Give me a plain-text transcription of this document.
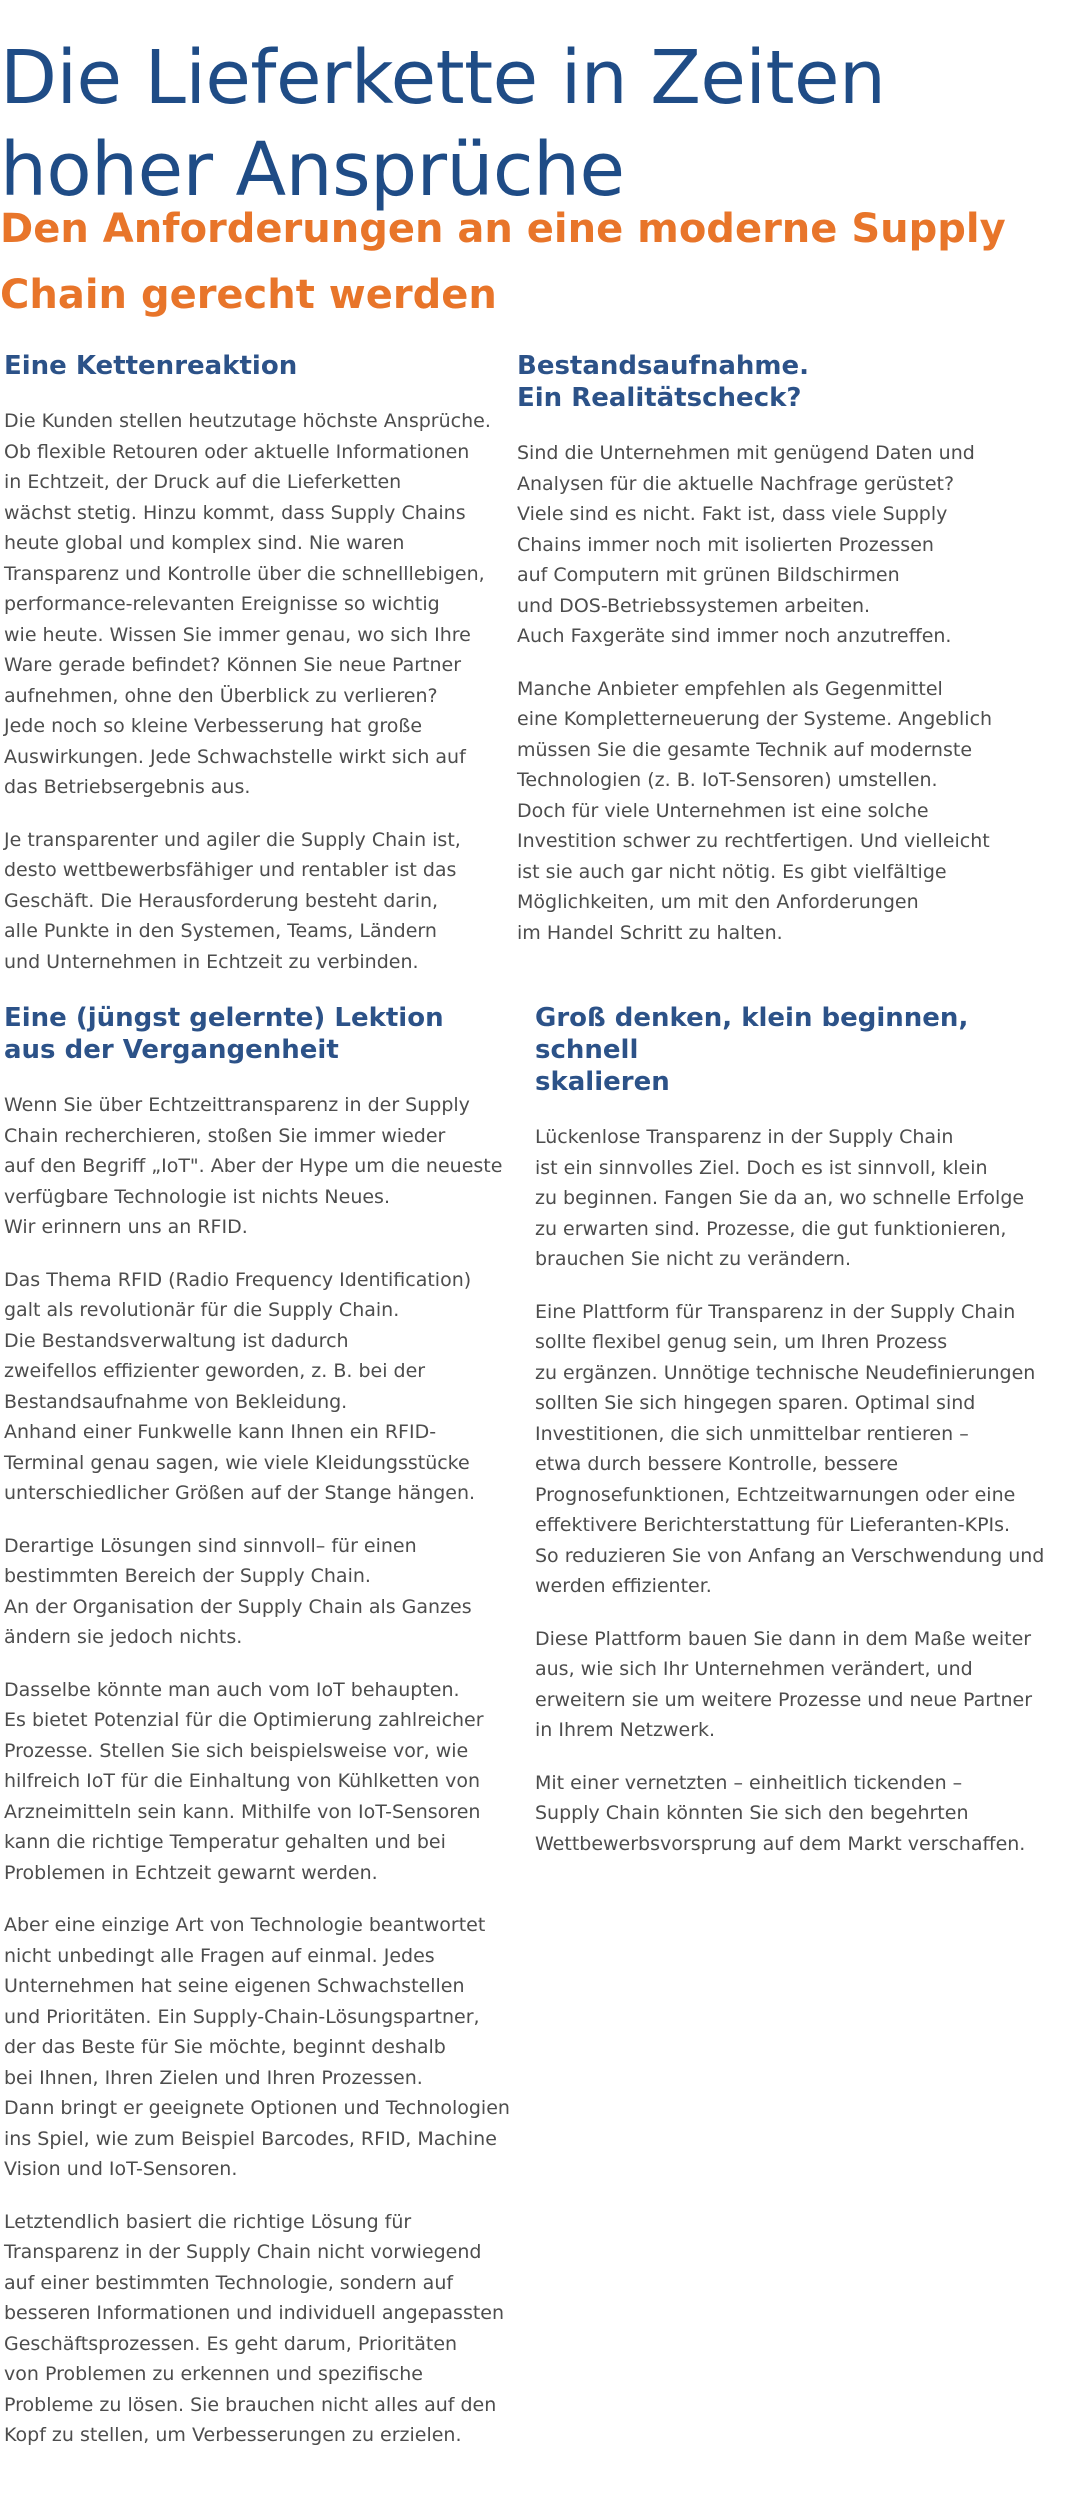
Die Lieferkette in Zeiten
hoher Ansprüche
Den Anforderungen an eine moderne Supply
Chain gerecht werden
Eine Kettenreaktion

Die Kunden stellen heutzutage höchste Ansprüche.
Ob flexible Retouren oder aktuelle Informationen
in Echtzeit, der Druck auf die Lieferketten
wächst stetig. Hinzu kommt, dass Supply Chains
heute global und komplex sind. Nie waren
Transparenz und Kontrolle über die schnelllebigen,
performance-relevanten Ereignisse so wichtig
wie heute. Wissen Sie immer genau, wo sich Ihre
Ware gerade befindet? Können Sie neue Partner
aufnehmen, ohne den Überblick zu verlieren?
Jede noch so kleine Verbesserung hat große
Auswirkungen. Jede Schwachstelle wirkt sich auf
das Betriebsergebnis aus.

Je transparenter und agiler die Supply Chain ist,
desto wettbewerbsfähiger und rentabler ist das
Geschäft. Die Herausforderung besteht darin,
alle Punkte in den Systemen, Teams, Ländern
und Unternehmen in Echtzeit zu verbinden.

Bestandsaufnahme.
Ein Realitätscheck?

Sind die Unternehmen mit genügend Daten und
Analysen für die aktuelle Nachfrage gerüstet?
Viele sind es nicht. Fakt ist, dass viele Supply
Chains immer noch mit isolierten Prozessen
auf Computern mit grünen Bildschirmen
und DOS-Betriebssystemen arbeiten.
Auch Faxgeräte sind immer noch anzutreffen.

Manche Anbieter empfehlen als Gegenmittel
eine Kompletterneuerung der Systeme. Angeblich
müssen Sie die gesamte Technik auf modernste
Technologien (z. B. IoT-Sensoren) umstellen.
Doch für viele Unternehmen ist eine solche
Investition schwer zu rechtfertigen. Und vielleicht
ist sie auch gar nicht nötig. Es gibt vielfältige
Möglichkeiten, um mit den Anforderungen
im Handel Schritt zu halten.

Eine (jüngst gelernte) Lektion
aus der Vergangenheit

Wenn Sie über Echtzeittransparenz in der Supply
Chain recherchieren, stoßen Sie immer wieder
auf den Begriff „IoT". Aber der Hype um die neueste
verfügbare Technologie ist nichts Neues.
Wir erinnern uns an RFID.

Das Thema RFID (Radio Frequency Identification)
galt als revolutionär für die Supply Chain.
Die Bestandsverwaltung ist dadurch
zweifellos effizienter geworden, z. B. bei der
Bestandsaufnahme von Bekleidung.
Anhand einer Funkwelle kann Ihnen ein RFID-
Terminal genau sagen, wie viele Kleidungsstücke
unterschiedlicher Größen auf der Stange hängen.

Derartige Lösungen sind sinnvoll– für einen
bestimmten Bereich der Supply Chain.
An der Organisation der Supply Chain als Ganzes
ändern sie jedoch nichts.

Dasselbe könnte man auch vom IoT behaupten.
Es bietet Potenzial für die Optimierung zahlreicher
Prozesse. Stellen Sie sich beispielsweise vor, wie
hilfreich IoT für die Einhaltung von Kühlketten von
Arzneimitteln sein kann. Mithilfe von IoT-Sensoren
kann die richtige Temperatur gehalten und bei
Problemen in Echtzeit gewarnt werden.

Aber eine einzige Art von Technologie beantwortet
nicht unbedingt alle Fragen auf einmal. Jedes
Unternehmen hat seine eigenen Schwachstellen
und Prioritäten. Ein Supply-Chain-Lösungspartner,
der das Beste für Sie möchte, beginnt deshalb
bei Ihnen, Ihren Zielen und Ihren Prozessen.
Dann bringt er geeignete Optionen und Technologien
ins Spiel, wie zum Beispiel Barcodes, RFID, Machine
Vision und IoT-Sensoren.

Letztendlich basiert die richtige Lösung für
Transparenz in der Supply Chain nicht vorwiegend
auf einer bestimmten Technologie, sondern auf
besseren Informationen und individuell angepassten
Geschäftsprozessen. Es geht darum, Prioritäten
von Problemen zu erkennen und spezifische
Probleme zu lösen. Sie brauchen nicht alles auf den
Kopf zu stellen, um Verbesserungen zu erzielen.

Groß denken, klein beginnen, schnell
skalieren

Lückenlose Transparenz in der Supply Chain
ist ein sinnvolles Ziel. Doch es ist sinnvoll, klein
zu beginnen. Fangen Sie da an, wo schnelle Erfolge
zu erwarten sind. Prozesse, die gut funktionieren,
brauchen Sie nicht zu verändern.

Eine Plattform für Transparenz in der Supply Chain
sollte flexibel genug sein, um Ihren Prozess
zu ergänzen. Unnötige technische Neudefinierungen
sollten Sie sich hingegen sparen. Optimal sind
Investitionen, die sich unmittelbar rentieren –
etwa durch bessere Kontrolle, bessere
Prognosefunktionen, Echtzeitwarnungen oder eine
effektivere Berichterstattung für Lieferanten-KPIs.
So reduzieren Sie von Anfang an Verschwendung und
werden effizienter.

Diese Plattform bauen Sie dann in dem Maße weiter
aus, wie sich Ihr Unternehmen verändert, und
erweitern sie um weitere Prozesse und neue Partner
in Ihrem Netzwerk.

Mit einer vernetzten – einheitlich tickenden –
Supply Chain könnten Sie sich den begehrten
Wettbewerbsvorsprung auf dem Markt verschaffen.
